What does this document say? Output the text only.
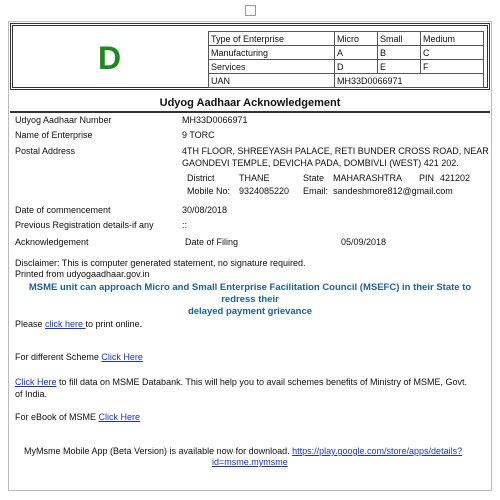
D
Type of Enterprise	Micro	Small	Medium
Manufacturing	A	B	C
Services	D	E	F
UAN	MH33D0066971		
Udyog Aadhaar Acknowledgement
Udyog Aadhaar Number	MH33D0066971
Name of Enterprise	9 TORC
Postal Address	4TH FLOOR, SHREEYASH PALACE, RETI BUNDER CROSS ROAD, NEAR
GAONDEVI TEMPLE, DEVICHA PADA, DOMBIVLI (WEST) 421 202.
District	THANE	State MAHARASHTRA PIN 421202
Mobile No: 9324085220 Email: sandeshmore812@gmail.com
Date of commencement	30/08/2018
Previous Registration details-if any	::
Acknowledgement	Date of Filing	05/09/2018
Disclaimer: This is computer generated statement, no signature required.
Printed from udyogaadhaar.gov.in
MSME unit can approach Micro and Small Enterprise Facilitation Council (MSEFC) in their State to redress their
delayed payment grievance
Please click here to print online.
For different Scheme Click Here
Click Here to fill data on MSME Databank. This will help you to avail schemes benefits of Ministry of MSME, Govt.
of India.
For eBook of MSME Click Here
MyMsme Mobile App (Beta Version) is available now for download. https://play.google.com/store/apps/details?
id=msme.mymsme
